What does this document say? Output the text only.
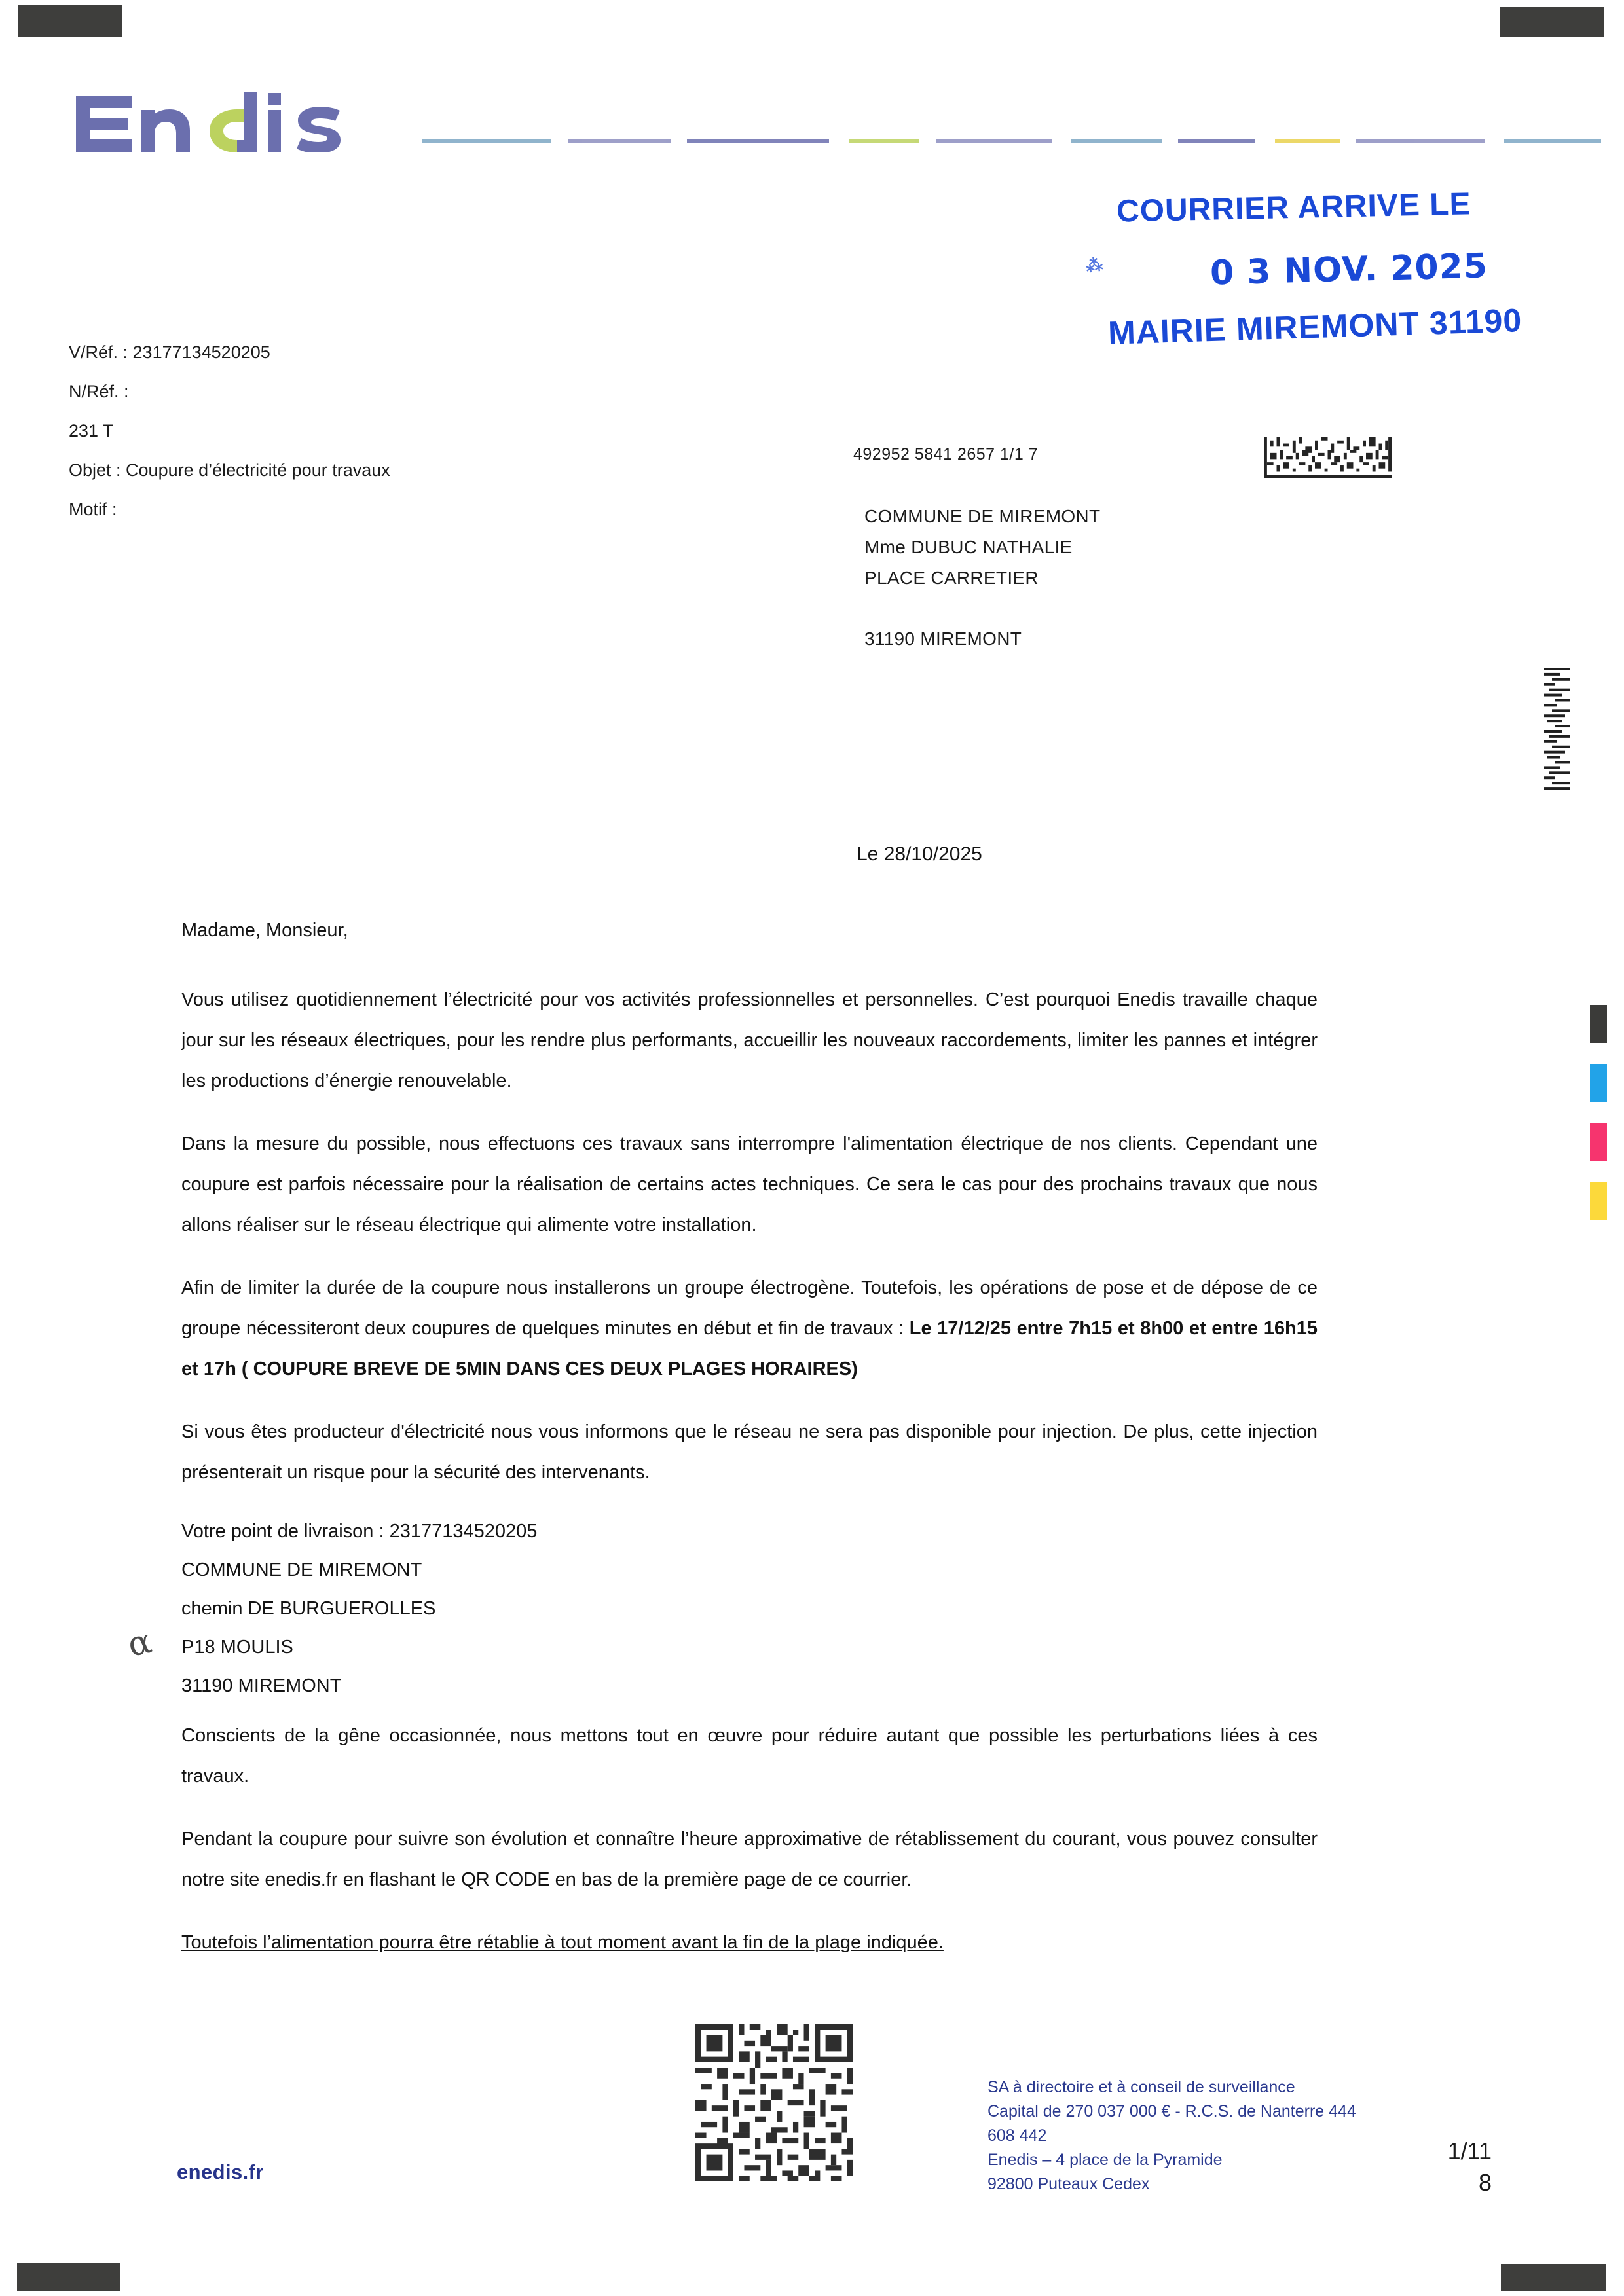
COURRIER ARRIVE LE
⁂	0 3 NOV. 2025
MAIRIE MIREMONT 31190
V/Réf. : 23177134520205
N/Réf. :
231 T
Objet : Coupure d’électricité pour travaux
Motif :
492952 5841 2657 1/1 7
COMMUNE DE MIREMONT
Mme DUBUC NATHALIE
PLACE CARRETIER
31190 MIREMONT
Le 28/10/2025

Madame, Monsieur,

Vous utilisez quotidiennement l’électricité pour vos activités professionnelles et personnelles. C’est pourquoi Enedis travaille chaque jour sur les réseaux électriques, pour les rendre plus performants, accueillir les nouveaux raccordements, limiter les pannes et intégrer les productions d’énergie renouvelable.

Dans la mesure du possible, nous effectuons ces travaux sans interrompre l'alimentation électrique de nos clients. Cependant une coupure est parfois nécessaire pour la réalisation de certains actes techniques. Ce sera le cas pour des prochains travaux que nous allons réaliser sur le réseau électrique qui alimente votre installation.

Afin de limiter la durée de la coupure nous installerons un groupe électrogène. Toutefois, les opérations de pose et de dépose de ce groupe nécessiteront deux coupures de quelques minutes en début et fin de travaux : Le 17/12/25 entre 7h15 et 8h00 et entre 16h15 et 17h ( COUPURE BREVE DE 5MIN DANS CES DEUX PLAGES HORAIRES)

Si vous êtes producteur d'électricité nous vous informons que le réseau ne sera pas disponible pour injection. De plus, cette injection présenterait un risque pour la sécurité des intervenants.

Votre point de livraison : 23177134520205
COMMUNE DE MIREMONT
chemin DE BURGUEROLLES
P18 MOULIS
31190 MIREMONT
α

Conscients de la gêne occasionnée, nous mettons tout en œuvre pour réduire autant que possible les perturbations liées à ces travaux.

Pendant la coupure pour suivre son évolution et connaître l’heure approximative de rétablissement du courant, vous pouvez consulter notre site enedis.fr en flashant le QR CODE en bas de la première page de ce courrier.

Toutefois l’alimentation pourra être rétablie à tout moment avant la fin de la plage indiquée.

SA à directoire et à conseil de surveillance
Capital de 270 037 000 € - R.C.S. de Nanterre 444
608 442
Enedis – 4 place de la Pyramide
92800 Puteaux Cedex
enedis.fr
1/11
8
